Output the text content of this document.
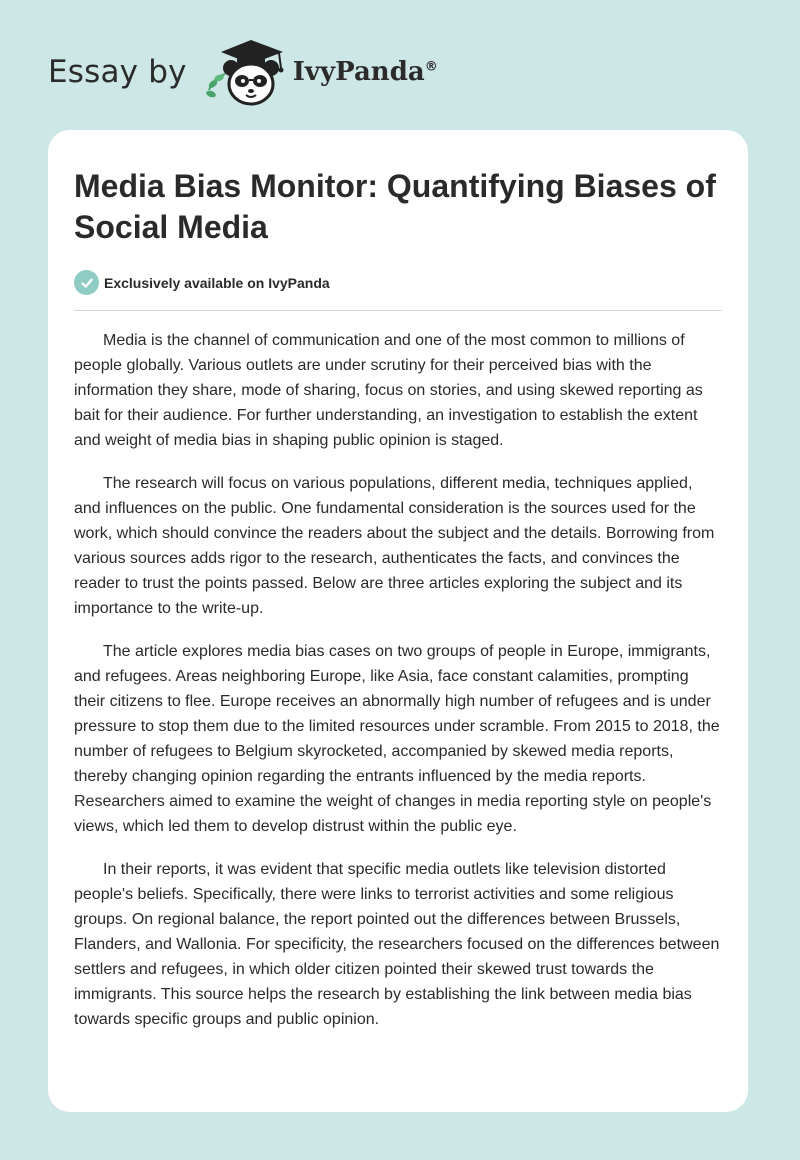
Essay by	IvyPanda®
Media Bias Monitor: Quantifying Biases of Social Media
Exclusively available on IvyPanda

Media is the channel of communication and one of the most common to millions of people globally. Various outlets are under scrutiny for their perceived bias with the information they share, mode of sharing, focus on stories, and using skewed reporting as bait for their audience. For further understanding, an investigation to establish the extent and weight of media bias in shaping public opinion is staged.

The research will focus on various populations, different media, techniques applied, and influences on the public. One fundamental consideration is the sources used for the work, which should convince the readers about the subject and the details. Borrowing from various sources adds rigor to the research, authenticates the facts, and convinces the reader to trust the points passed. Below are three articles exploring the subject and its importance to the write-up.

The article explores media bias cases on two groups of people in Europe, immigrants, and refugees. Areas neighboring Europe, like Asia, face constant calamities, prompting their citizens to flee. Europe receives an abnormally high number of refugees and is under pressure to stop them due to the limited resources under scramble. From 2015 to 2018, the number of refugees to Belgium skyrocketed, accompanied by skewed media reports, thereby changing opinion regarding the entrants influenced by the media reports. Researchers aimed to examine the weight of changes in media reporting style on people's views, which led them to develop distrust within the public eye.

In their reports, it was evident that specific media outlets like television distorted people's beliefs. Specifically, there were links to terrorist activities and some religious groups. On regional balance, the report pointed out the differences between Brussels, Flanders, and Wallonia. For specificity, the researchers focused on the differences between settlers and refugees, in which older citizen pointed their skewed trust towards the immigrants. This source helps the research by establishing the link between media bias towards specific groups and public opinion.
